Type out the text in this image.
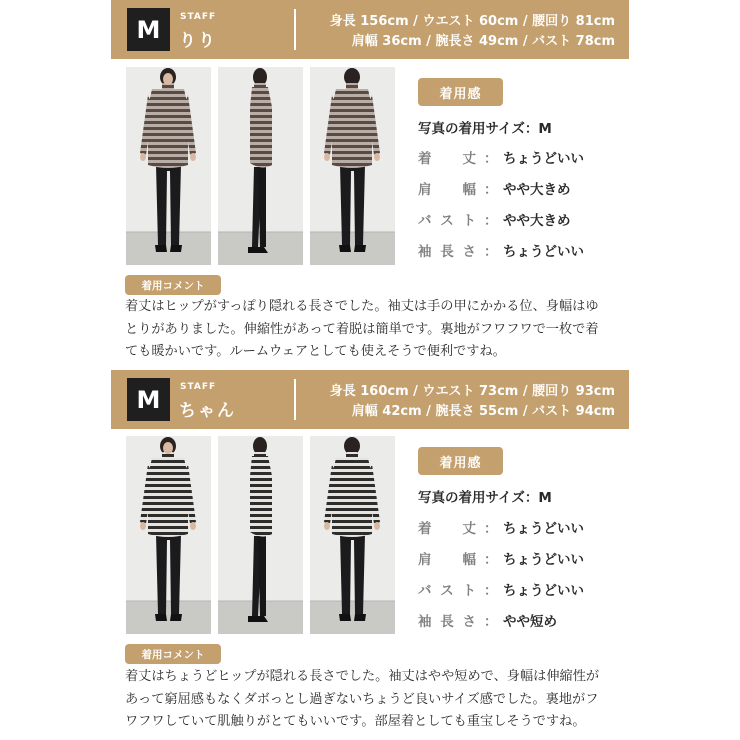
M	STAFF
りり
身長 156cm / ウエスト 60cm / 腰回り 81cm
肩幅 36cm / 腕長さ 49cm / バスト 78cm
着用感
写真の着用サイズ：M
着 丈 ： ちょうどいい
肩 幅 ： やや大きめ
バ ス ト ： やや大きめ
袖 長 さ ： ちょうどいい
着用コメント
着丈はヒップがすっぽり隠れる長さでした。袖丈は手の甲にかかる位、身幅はゆ
とりがありました。伸縮性があって着脱は簡単です。裏地がフワフワで一枚で着
ても暖かいです。ルームウェアとしても使えそうで便利ですね。
M	STAFF
ちゃん
身長 160cm / ウエスト 73cm / 腰回り 93cm
肩幅 42cm / 腕長さ 55cm / バスト 94cm
着用感
写真の着用サイズ：M
着 丈 ： ちょうどいい
肩 幅 ： ちょうどいい
バ ス ト ： ちょうどいい
袖 長 さ ： やや短め
着用コメント
着丈はちょうどヒップが隠れる長さでした。袖丈はやや短めで、身幅は伸縮性が
あって窮屈感もなくダボっとし過ぎないちょうど良いサイズ感でした。裏地がフ
ワフワしていて肌触りがとてもいいです。部屋着としても重宝しそうですね。
